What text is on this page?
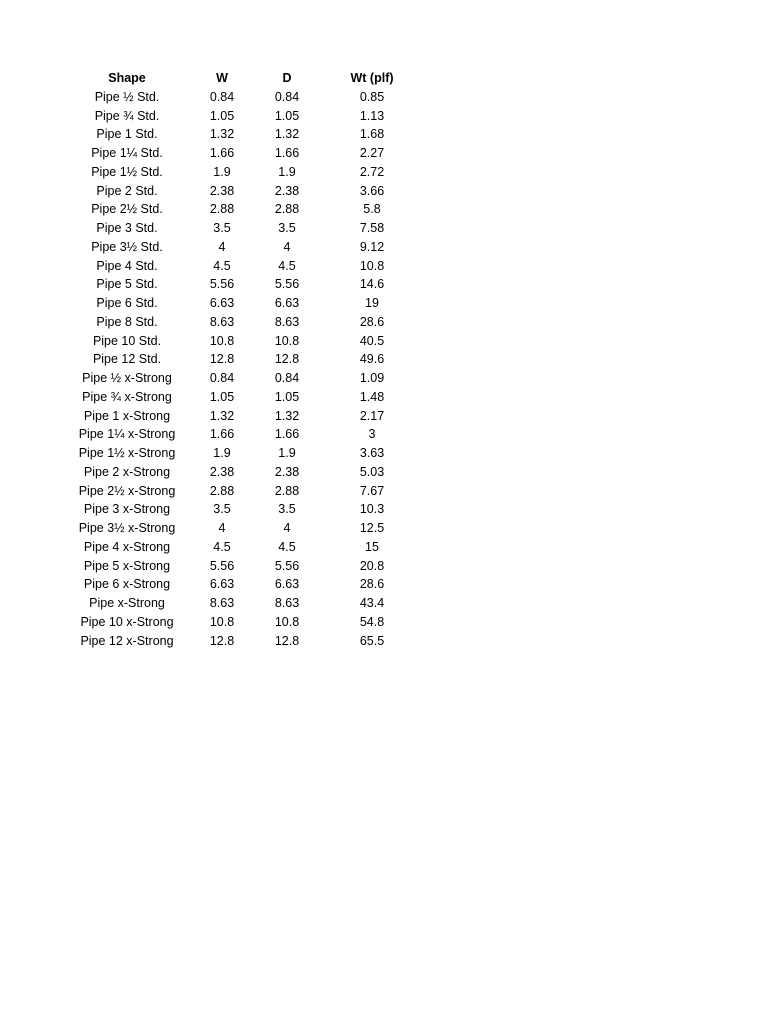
Shape	W	D	Wt (plf)
Pipe ½ Std.	0.84	0.84	0.85
Pipe ¾ Std.	1.05	1.05	1.13
Pipe 1 Std.	1.32	1.32	1.68
Pipe 1¼ Std.	1.66	1.66	2.27
Pipe 1½ Std.	1.9	1.9	2.72
Pipe 2 Std.	2.38	2.38	3.66
Pipe 2½ Std.	2.88	2.88	5.8
Pipe 3 Std.	3.5	3.5	7.58
Pipe 3½ Std.	4	4	9.12
Pipe 4 Std.	4.5	4.5	10.8
Pipe 5 Std.	5.56	5.56	14.6
Pipe 6 Std.	6.63	6.63	19
Pipe 8 Std.	8.63	8.63	28.6
Pipe 10 Std.	10.8	10.8	40.5
Pipe 12 Std.	12.8	12.8	49.6
Pipe ½ x-Strong	0.84	0.84	1.09
Pipe ¾ x-Strong	1.05	1.05	1.48
Pipe 1 x-Strong	1.32	1.32	2.17
Pipe 1¼ x-Strong	1.66	1.66	3
Pipe 1½ x-Strong	1.9	1.9	3.63
Pipe 2 x-Strong	2.38	2.38	5.03
Pipe 2½ x-Strong	2.88	2.88	7.67
Pipe 3 x-Strong	3.5	3.5	10.3
Pipe 3½ x-Strong	4	4	12.5
Pipe 4 x-Strong	4.5	4.5	15
Pipe 5 x-Strong	5.56	5.56	20.8
Pipe 6 x-Strong	6.63	6.63	28.6
Pipe x-Strong	8.63	8.63	43.4
Pipe 10 x-Strong	10.8	10.8	54.8
Pipe 12 x-Strong	12.8	12.8	65.5
